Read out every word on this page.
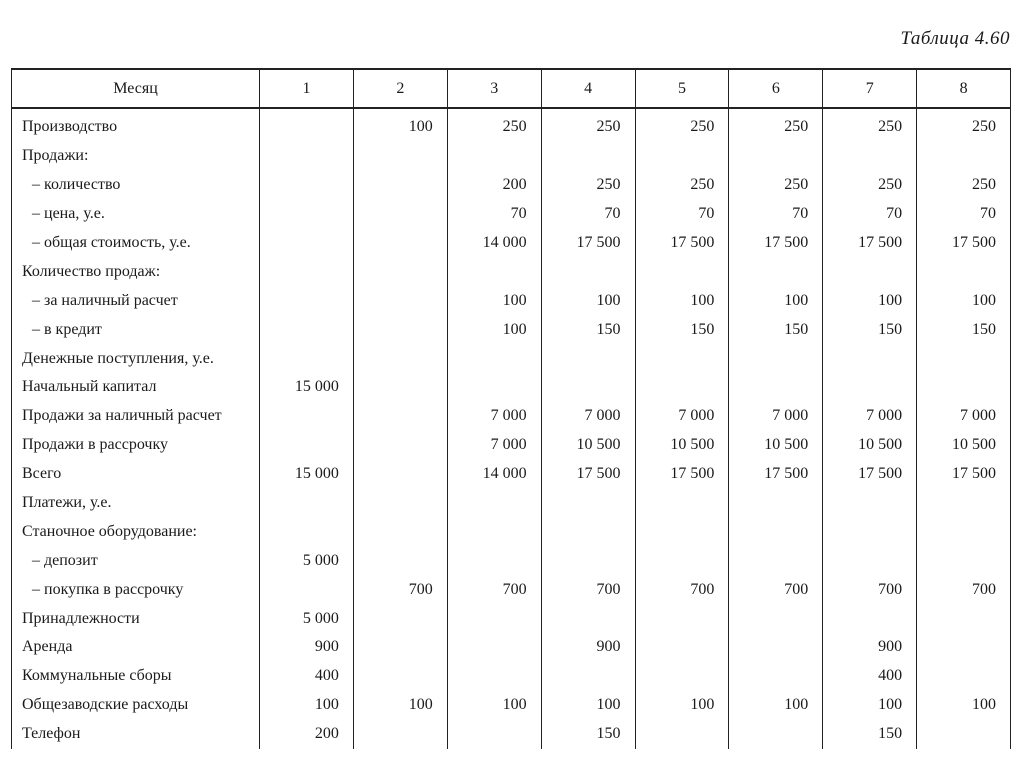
Таблица 4.60
Месяц	1	2	3	4	5	6	7	8
Производство		100	250	250	250	250	250	250
Продажи:								
– количество			200	250	250	250	250	250
– цена, у.е.			70	70	70	70	70	70
– общая стоимость, у.е.			14 000	17 500	17 500	17 500	17 500	17 500
Количество продаж:								
– за наличный расчет			100	100	100	100	100	100
– в кредит			100	150	150	150	150	150
Денежные поступления, у.е.								
Начальный капитал	15 000							
Продажи за наличный расчет			7 000	7 000	7 000	7 000	7 000	7 000
Продажи в рассрочку			7 000	10 500	10 500	10 500	10 500	10 500
Всего	15 000		14 000	17 500	17 500	17 500	17 500	17 500
Платежи, у.е.								
Станочное оборудование:								
– депозит	5 000							
– покупка в рассрочку		700	700	700	700	700	700	700
Принадлежности	5 000							
Аренда	900			900			900	
Коммунальные сборы	400						400	
Общезаводские расходы	100	100	100	100	100	100	100	100
Телефон	200			150			150	
